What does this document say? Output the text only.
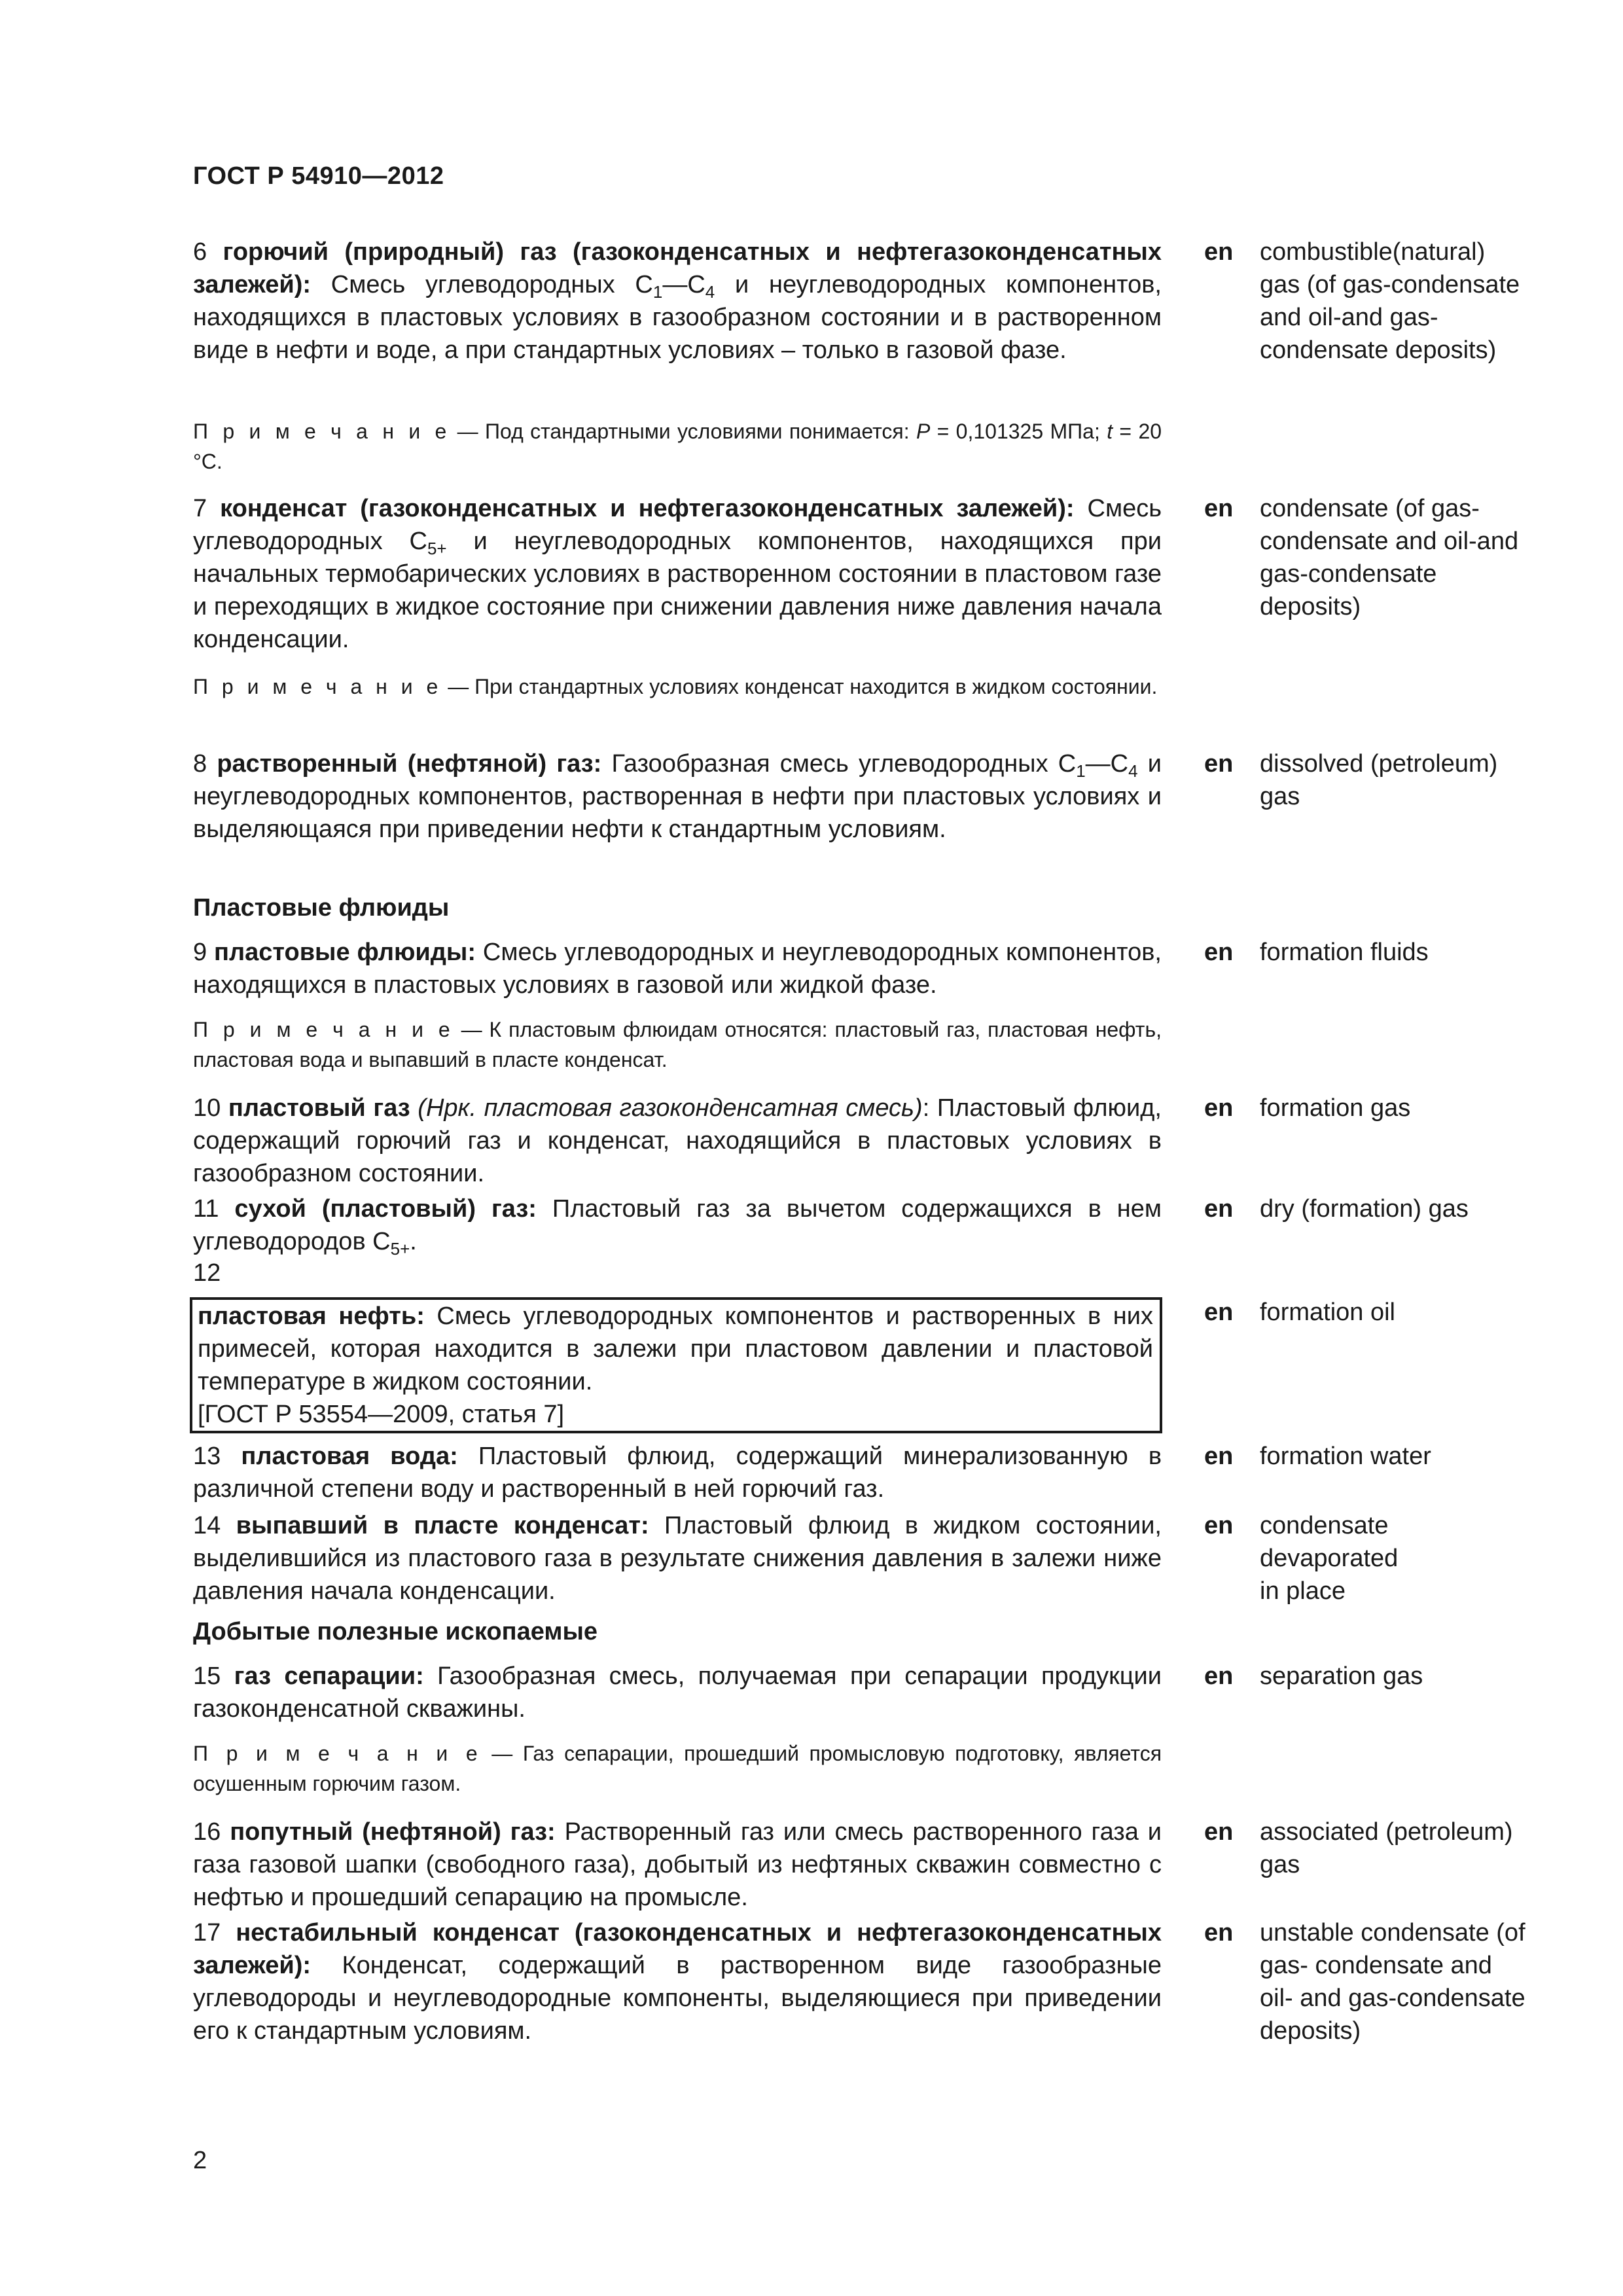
ГОСТ Р 54910—2012
6 горючий (природный) газ (газоконденсатных и нефтегазоконденсатных залежей): Смесь углеводородных $C_1—C_4$ и неуглеводородных компонентов, находящихся в пластовых условиях в газообразном состоянии и в растворенном виде в нефти и воде, а при стандартных условиях – только в газовой фазе.
en combustible(natural) gas (of gas-condensate and oil-and gas-condensate deposits)
П р и м е ч а н и е — Под стандартными условиями понимается: P = 0,101325 МПа; t = 20 °C.
7 конденсат (газоконденсатных и нефтегазоконденсатных залежей): Смесь углеводородных $C_{5+}$ и неуглеводородных компонентов, находящихся при начальных термобарических условиях в растворенном состоянии в пластовом газе и переходящих в жидкое состояние при снижении давления ниже давления начала конденсации.
en condensate (of gas-condensate and oil-and gas-condensate deposits)
П р и м е ч а н и е — При стандартных условиях конденсат находится в жидком состоянии.
8 растворенный (нефтяной) газ: Газообразная смесь углеводородных $C_1—C_4$ и неуглеводородных компонентов, растворенная в нефти при пластовых условиях и выделяющаяся при приведении нефти к стандартным условиям.
en dissolved (petroleum) gas
Пластовые флюиды
9 пластовые флюиды: Смесь углеводородных и неуглеводородных компонентов, находящихся в пластовых условиях в газовой или жидкой фазе.
en formation fluids
П р и м е ч а н и е — К пластовым флюидам относятся: пластовый газ, пластовая нефть, пластовая вода и выпавший в пласте конденсат.
10 пластовый газ (Нрк. пластовая газоконденсатная смесь): Пластовый флюид, содержащий горючий газ и конденсат, находящийся в пластовых условиях в газообразном состоянии.
en formation gas
11 сухой (пластовый) газ: Пластовый газ за вычетом содержащихся в нем углеводородов $C_{5+}$.
en dry (formation) gas
12
пластовая нефть: Смесь углеводородных компонентов и растворенных в них примесей, которая находится в залежи при пластовом давлении и пластовой температуре в жидком состоянии.
[ГОСТ Р 53554—2009, статья 7]
en formation oil
13 пластовая вода: Пластовый флюид, содержащий минерализованную в различной степени воду и растворенный в ней горючий газ.
en formation water
14 выпавший в пласте конденсат: Пластовый флюид в жидком состоянии, выделившийся из пластового газа в результате снижения давления в залежи ниже давления начала конденсации.
en condensate
devaporated
in place
Добытые полезные ископаемые
15 газ сепарации: Газообразная смесь, получаемая при сепарации продукции газоконденсатной скважины.
en separation gas
П р и м е ч а н и е — Газ сепарации, прошедший промысловую подготовку, является осушенным горючим газом.
16 попутный (нефтяной) газ: Растворенный газ или смесь растворенного газа и газа газовой шапки (свободного газа), добытый из нефтяных скважин совместно с нефтью и прошедший сепарацию на промысле.
en associated (petroleum) gas
17 нестабильный конденсат (газоконденсатных и нефтегазоконденсатных залежей): Конденсат, содержащий в растворенном виде газообразные углеводороды и неуглеводородные компоненты, выделяющиеся при приведении его к стандартным условиям.
en unstable condensate (of gas- condensate and oil- and gas-condensate deposits)
2
